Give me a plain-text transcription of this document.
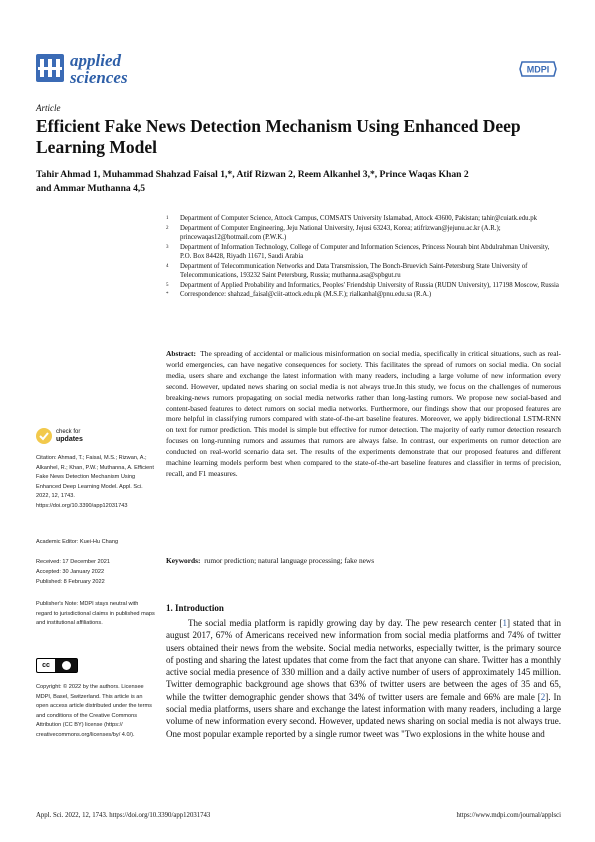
applied
sciences	MDPI
Article
Efficient Fake News Detection Mechanism Using Enhanced Deep Learning Model
Tahir Ahmad 1, Muhammad Shahzad Faisal 1,*, Atif Rizwan 2, Reem Alkanhel 3,*, Prince Waqas Khan 2
and Ammar Muthanna 4,5
1	Department of Computer Science, Attock Campus, COMSATS University Islamabad, Attock 43600, Pakistan; tahir@cuiatk.edu.pk
2	Department of Computer Engineering, Jeju National University, Jejusi 63243, Korea; atifrizwan@jejunu.ac.kr (A.R.); princewaqas12@hotmail.com (P.W.K.)
3	Department of Information Technology, College of Computer and Information Sciences, Princess Nourah bint Abdulrahman University, P.O. Box 84428, Riyadh 11671, Saudi Arabia
4	Department of Telecommunication Networks and Data Transmission, The Bonch-Bruevich Saint-Petersburg State University of Telecommunications, 193232 Saint Petersburg, Russia; muthanna.asa@spbgut.ru
5	Department of Applied Probability and Informatics, Peoples' Friendship University of Russia (RUDN University), 117198 Moscow, Russia
*	Correspondence: shahzad_faisal@ciit-attock.edu.pk (M.S.F.); rialkanhal@pnu.edu.sa (R.A.)
check for
updates
Citation: Ahmad, T.; Faisal, M.S.; Rizwan, A.; Alkanhel, R.; Khan, P.W.; Muthanna, A. Efficient Fake News Detection Mechanism Using Enhanced Deep Learning Model. Appl. Sci. 2022, 12, 1743. https://doi.org/10.3390/app12031743
Academic Editor: Kuei-Hu Chang
Received: 17 December 2021
Accepted: 30 January 2022
Published: 8 February 2022
Publisher's Note: MDPI stays neutral with regard to jurisdictional claims in published maps and institutional affiliations.
cc
Copyright: © 2022 by the authors. Licensee MDPI, Basel, Switzerland. This article is an open access article distributed under the terms and conditions of the Creative Commons Attribution (CC BY) license (https:// creativecommons.org/licenses/by/ 4.0/).
Abstract: The spreading of accidental or malicious misinformation on social media, specifically in critical situations, such as real-world emergencies, can have negative consequences for society. This facilitates the spread of rumors on social media. On social media, users share and exchange the latest information with many readers, including a large volume of new information every second. However, updated news sharing on social media is not always true.In this study, we focus on the challenges of numerous breaking-news rumors propagating on social media networks rather than long-lasting rumors. We propose new social-based and content-based features to detect rumors on social media networks. Furthermore, our findings show that our proposed features are more helpful in classifying rumors compared with state-of-the-art baseline features. Moreover, we apply bidirectional LSTM-RNN on text for rumor prediction. This model is simple but effective for rumor detection. The majority of early rumor detection research focuses on long-running rumors and assumes that rumors are always false. In contrast, our experiments on rumor detection are conducted on real-world scenario data set. The results of the experiments demonstrate that our proposed features and different machine learning models perform best when compared to the state-of-the-art baseline features and classifier in terms of precision, recall, and F1 measures.
Keywords: rumor prediction; natural language processing; fake news
1. Introduction
The social media platform is rapidly growing day by day. The pew research center [1] stated that in august 2017, 67% of Americans received new information from social media platforms and 74% of twitter users obtained their news from the website. Social media networks, especially twitter, is the primary source of posting and sharing the latest updates that come from the fact that anyone can share. Twitter has a monthly active social media presence of 330 million and a daily active number of users of approximately 145 million. Twitter demographic background age shows that 63% of twitter users are between the ages of 35 and 65, while the twitter demographic gender shows that 34% of twitter users are female and 66% are male [2]. In social media platforms, users share and exchange the latest information with many readers, including a large volume of new information every second. However, updated news sharing on social media is not always true. One most popular example reported by a single rumor tweet was "Two explosions in the white house and
Appl. Sci. 2022, 12, 1743. https://doi.org/10.3390/app12031743	https://www.mdpi.com/journal/applsci
